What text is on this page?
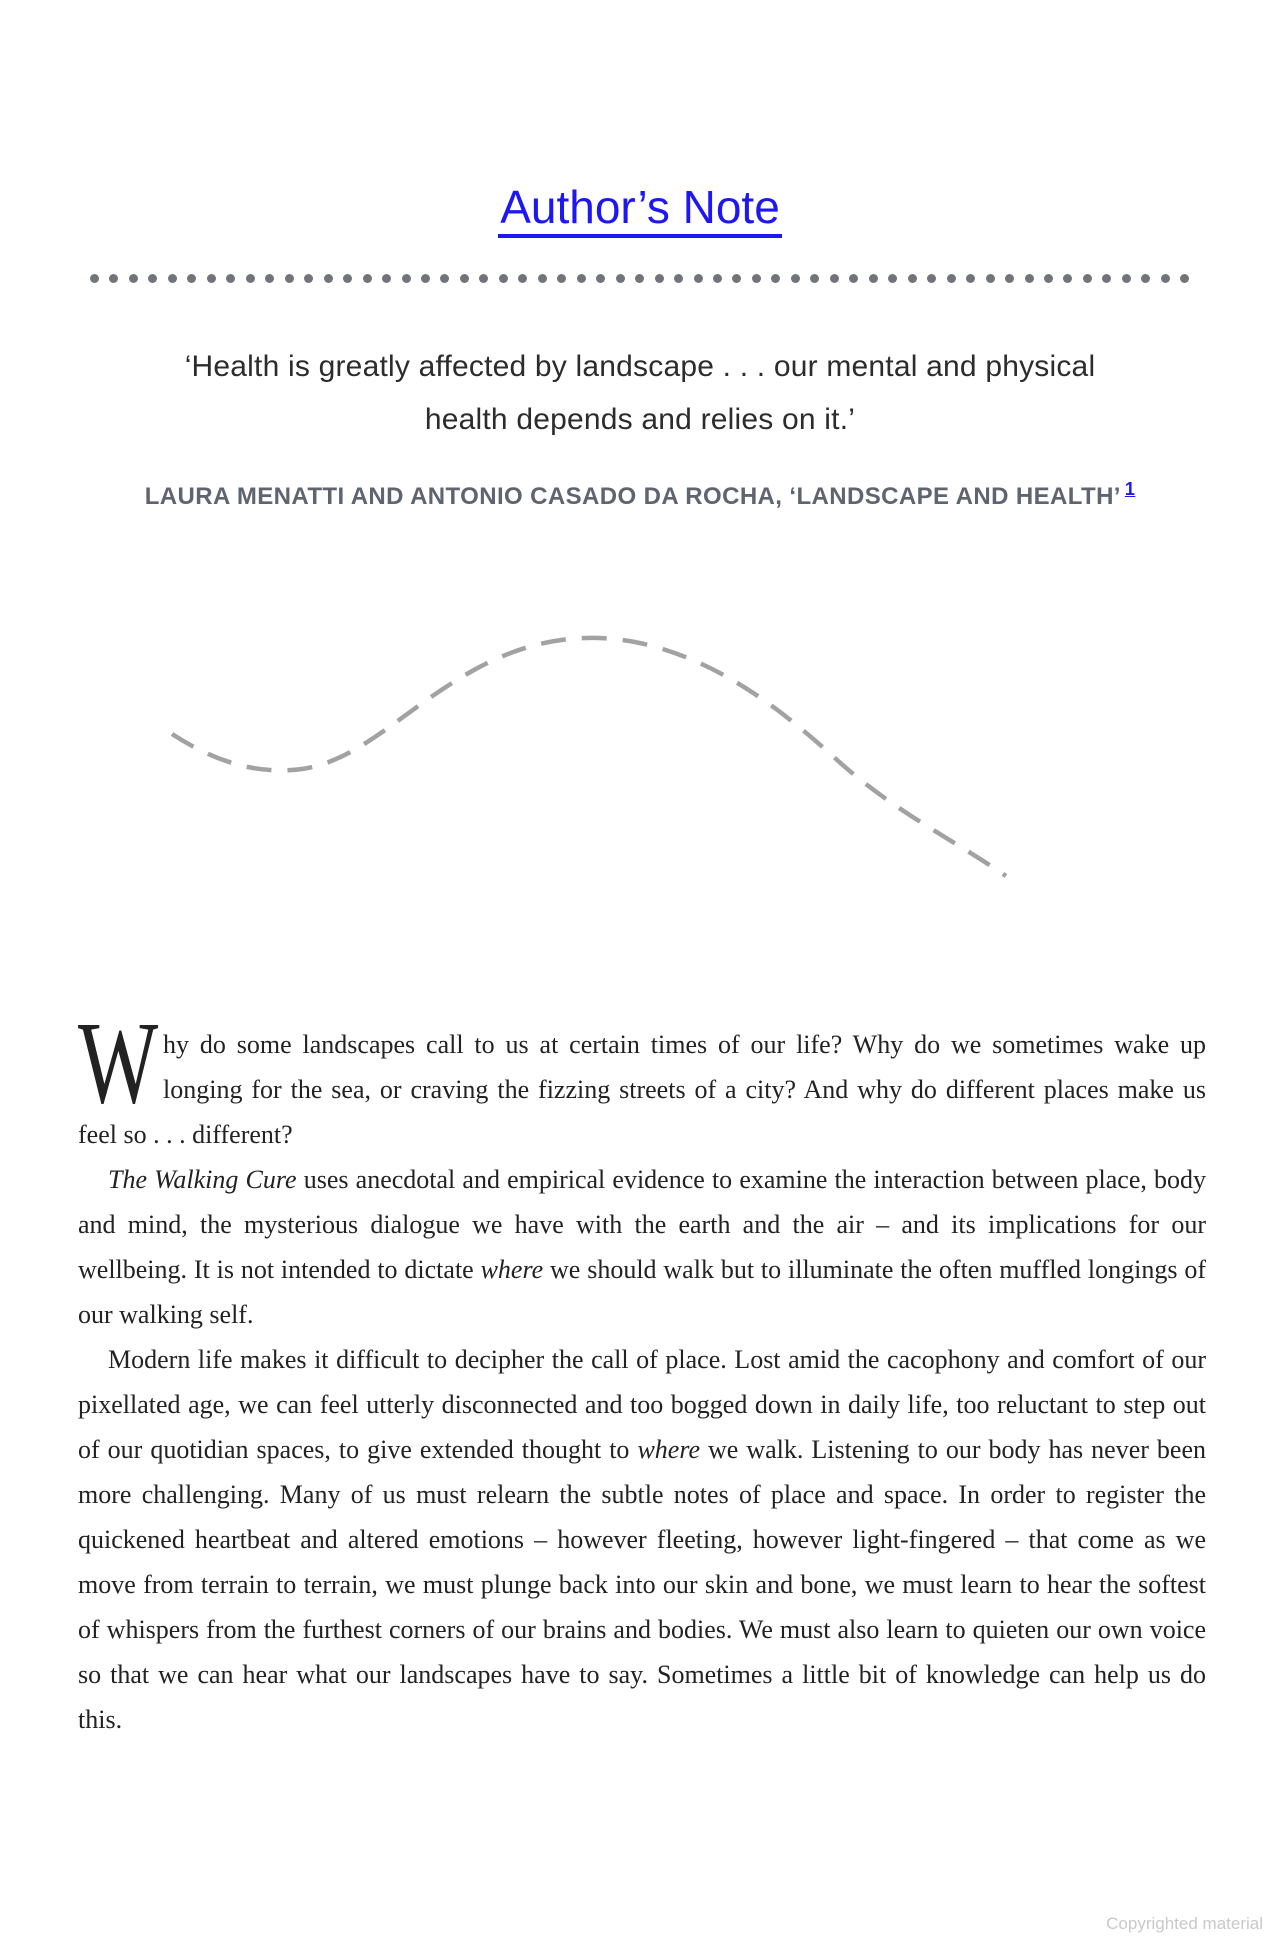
Author’s Note
‘Health is greatly affected by landscape . . . our mental and physical
health depends and relies on it.’
LAURA MENATTI AND ANTONIO CASADO DA ROCHA, ‘LANDSCAPE AND HEALTH’ $^1$

Why do some landscapes call to us at certain times of our life? Why do we sometimes wake up longing for the sea, or craving the fizzing streets of a city? And why do different places make us feel so . . . different?

The Walking Cure uses anecdotal and empirical evidence to examine the interaction between place, body and mind, the mysterious dialogue we have with the earth and the air – and its implications for our wellbeing. It is not intended to dictate where we should walk but to illuminate the often muffled longings of our walking self.

Modern life makes it difficult to decipher the call of place. Lost amid the cacophony and comfort of our pixellated age, we can feel utterly disconnected and too bogged down in daily life, too reluctant to step out of our quotidian spaces, to give extended thought to where we walk. Listening to our body has never been more challenging. Many of us must relearn the subtle notes of place and space. In order to register the quickened heartbeat and altered emotions – however fleeting, however light-fingered – that come as we move from terrain to terrain, we must plunge back into our skin and bone, we must learn to hear the softest of whispers from the furthest corners of our brains and bodies. We must also learn to quieten our own voice so that we can hear what our landscapes have to say. Sometimes a little bit of knowledge can help us do this.

Copyrighted material
